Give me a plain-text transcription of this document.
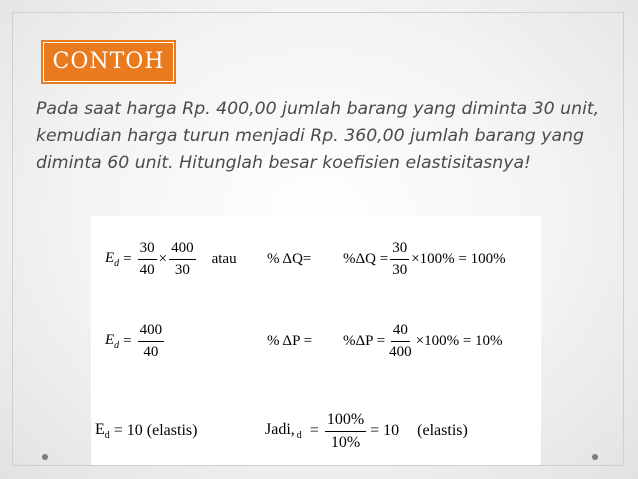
CONTOH
Pada saat harga Rp. 400,00 jumlah barang yang diminta 30 unit, kemudian harga turun menjadi Rp. 360,00 jumlah barang yang diminta 60 unit. Hitunglah besar koefisien elastisitasnya!
$E_d = \frac{30}{40} \times \frac{400}{30}$ atau % $\Delta Q= \%\Delta Q = \frac{30}{30} \times 100\% = 100\%$
$E_d = \frac{400}{40}$	% $\Delta P = \%\Delta P = \frac{40}{400} \times 100\% = 10\%$
$E_d = 10$ (elastis)	Jadi, $_d = \frac{100\%}{10\%} = 10$ (elastis)
